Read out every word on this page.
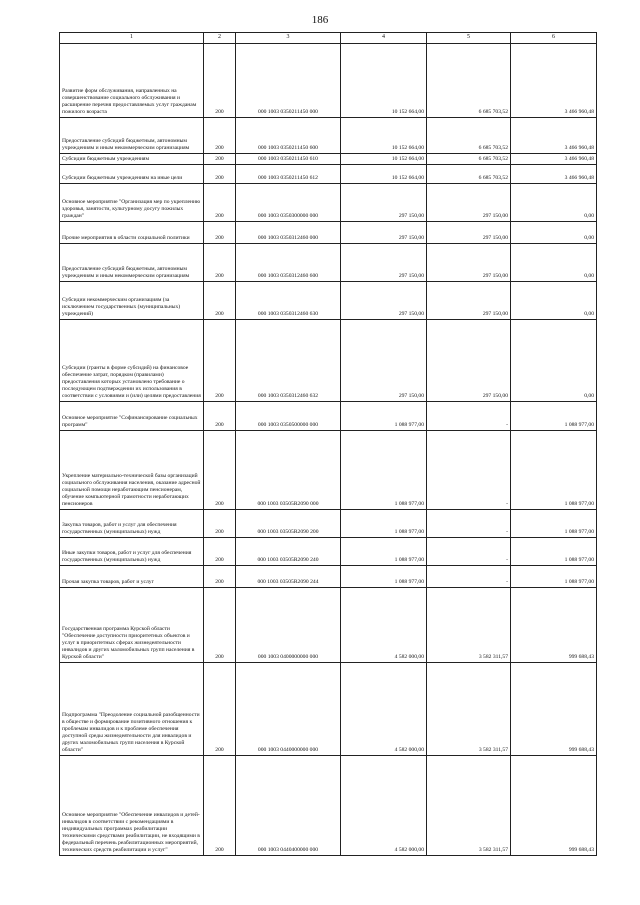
186
1	2	3	4	5	6
Развитие форм обслуживания, направленных на совершенствование социального обслуживания и расширение перечня предоставляемых услуг гражданам пожилого возраста	200	000 1003 0350211450 000	10 152 664,00	6 685 703,52	3 466 960,48
Предоставление субсидий бюджетным, автономным учреждениям и иным некоммерческим организациям	200	000 1003 0350211450 600	10 152 664,00	6 685 703,52	3 466 960,48
Субсидии бюджетным учреждениям	200	000 1003 0350211450 610	10 152 664,00	6 685 703,52	3 466 960,48
Субсидии бюджетным учреждениям на иные цели	200	000 1003 0350211450 612	10 152 664,00	6 685 703,52	3 466 960,48
Основное мероприятие "Организация мер по укреплению здоровья, занятости, культурному досугу пожилых граждан"	200	000 1003 0350300000 000	297 150,00	297 150,00	0,00
Прочие мероприятия в области социальной политики	200	000 1003 0350312460 000	297 150,00	297 150,00	0,00
Предоставление субсидий бюджетным, автономным учреждениям и иным некоммерческим организациям	200	000 1003 0350312460 600	297 150,00	297 150,00	0,00
Субсидии некоммерческим организациям (за исключением государственных (муниципальных) учреждений)	200	000 1003 0350312460 630	297 150,00	297 150,00	0,00
Субсидии (гранты в форме субсидий) на финансовое обеспечение затрат, порядком (правилами) предоставления которых установлено требование о последующем подтверждении их использования в соответствии с условиями и (или) целями предоставления	200	000 1003 0350312460 632	297 150,00	297 150,00	0,00
Основное мероприятие "Софинансирование социальных программ"	200	000 1003 0350500000 000	1 088 977,00	-	1 088 977,00
Укрепление материально-технической базы организаций социального обслуживания населения, оказание адресной социальной помощи неработающим пенсионерам, обучение компьютерной грамотности неработающих пенсионеров	200	000 1003 03505R2090 000	1 088 977,00	-	1 088 977,00
Закупка товаров, работ и услуг для обеспечения государственных (муниципальных) нужд	200	000 1003 03505R2090 200	1 088 977,00	-	1 088 977,00
Иные закупки товаров, работ и услуг для обеспечения государственных (муниципальных) нужд	200	000 1003 03505R2090 240	1 088 977,00	-	1 088 977,00
Прочая закупка товаров, работ и услуг	200	000 1003 03505R2090 244	1 088 977,00	-	1 088 977,00
Государственная программа Курской области "Обеспечение доступности приоритетных объектов и услуг в приоритетных сферах жизнедеятельности инвалидов и других маломобильных групп населения в Курской области"	200	000 1003 0400000000 000	4 582 000,00	3 582 311,57	999 688,43
Подпрограмма "Преодоление социальной разобщенности в обществе и формирование позитивного отношения к проблемам инвалидов и к проблеме обеспечения доступной среды жизнедеятельности для инвалидов и других маломобильных групп населения в Курской области"	200	000 1003 0440000000 000	4 582 000,00	3 582 311,57	999 688,43
Основное мероприятие "Обеспечение инвалидов и детей-инвалидов в соответствии с рекомендациями в индивидуальных программах реабилитации техническими средствами реабилитации, не входящими в федеральный перечень реабилитационных мероприятий, технических средств реабилитации и услуг"	200	000 1003 0440400000 000	4 582 000,00	3 582 311,57	999 688,43
